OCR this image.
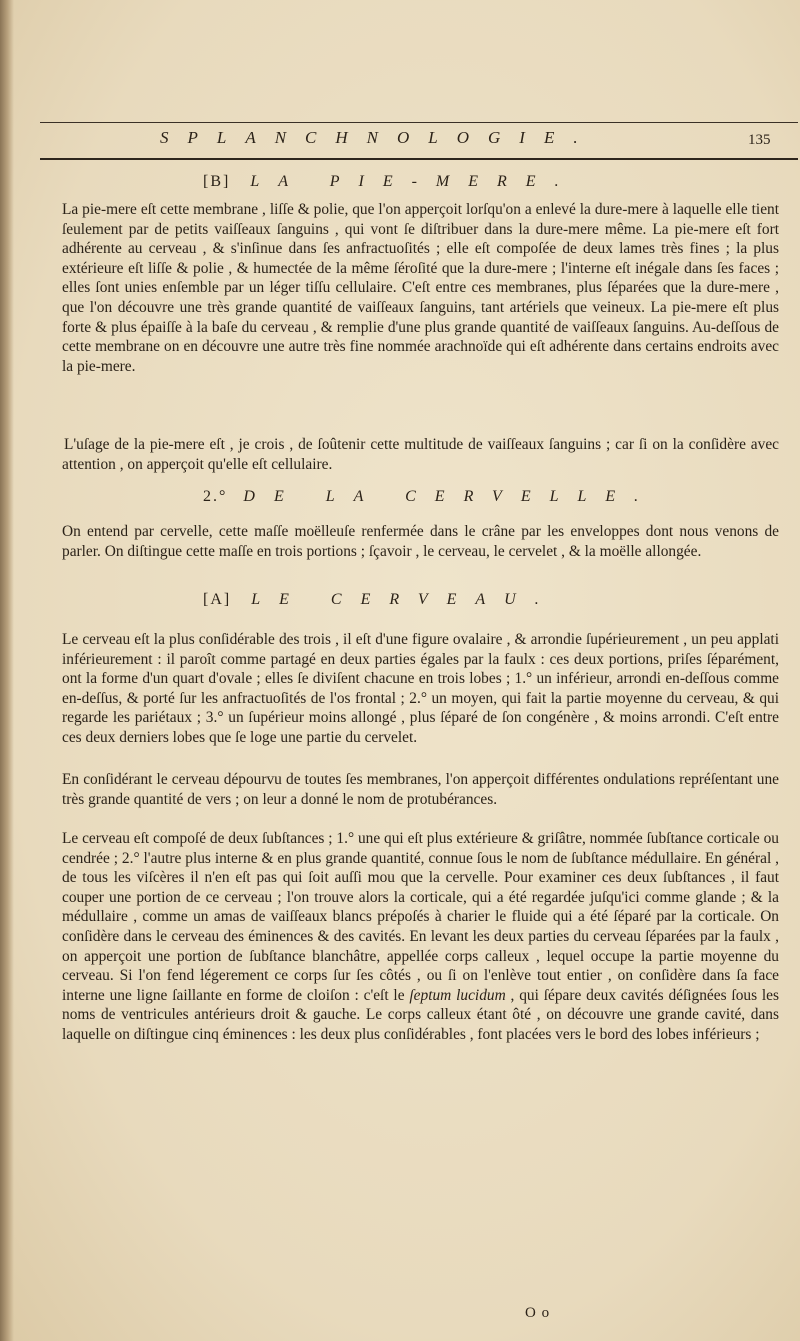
SPLANCHNOLOGIE.	135
[B] LA PIE-MERE.
La pie-mere eſt cette membrane , liſſe & polie, que l'on apperçoit lorſqu'on a enlevé la dure-mere à laquelle elle tient ſeulement par de petits vaiſſeaux ſanguins , qui vont ſe diſtribuer dans la dure-mere même. La pie-mere eſt fort adhérente au cerveau , & s'inſinue dans ſes anfractuoſités ; elle eſt compoſée de deux lames très fines ; la plus extérieure eſt liſſe & polie , & humectée de la même ſéroſité que la dure-mere ; l'interne eſt inégale dans ſes faces ; elles ſont unies enſemble par un léger tiſſu cellulaire. C'eſt entre ces membranes, plus ſéparées que la dure-mere , que l'on découvre une très grande quantité de vaiſſeaux ſanguins, tant artériels que veineux. La pie-mere eſt plus forte & plus épaiſſe à la baſe du cerveau , & remplie d'une plus grande quantité de vaiſſeaux ſanguins. Au-deſſous de cette membrane on en découvre une autre très fine nommée arachnoïde qui eſt adhérente dans certains endroits avec la pie-mere.
L'uſage de la pie-mere eſt , je crois , de ſoûtenir cette multitude de vaiſſeaux ſanguins ; car ſi on la conſidère avec attention , on apperçoit qu'elle eſt cellulaire.
2.° DE LA CERVELLE.
On entend par cervelle, cette maſſe moëlleuſe renfermée dans le crâne par les enveloppes dont nous venons de parler. On diſtingue cette maſſe en trois portions ; ſçavoir , le cerveau, le cervelet , & la moëlle allongée.
[A] LE CERVEAU.
Le cerveau eſt la plus conſidérable des trois , il eſt d'une figure ovalaire , & arrondie ſupérieurement , un peu applati inférieurement : il paroît comme partagé en deux parties égales par la faulx : ces deux portions, priſes ſéparément, ont la forme d'un quart d'ovale ; elles ſe diviſent chacune en trois lobes ; 1.° un inférieur, arrondi en-deſſous comme en-deſſus, & porté ſur les anfractuoſités de l'os frontal ; 2.° un moyen, qui fait la partie moyenne du cerveau, & qui regarde les pariétaux ; 3.° un ſupérieur moins allongé , plus ſéparé de ſon congénère , & moins arrondi. C'eſt entre ces deux derniers lobes que ſe loge une partie du cervelet.
En conſidérant le cerveau dépourvu de toutes ſes membranes, l'on apperçoit différentes ondulations repréſentant une très grande quantité de vers ; on leur a donné le nom de protubérances.
Le cerveau eſt compoſé de deux ſubſtances ; 1.° une qui eſt plus extérieure & griſâtre, nommée ſubſtance corticale ou cendrée ; 2.° l'autre plus interne & en plus grande quantité, connue ſous le nom de ſubſtance médullaire. En général , de tous les viſcères il n'en eſt pas qui ſoit auſſi mou que la cervelle. Pour examiner ces deux ſubſtances , il faut couper une portion de ce cerveau ; l'on trouve alors la corticale, qui a été regardée juſqu'ici comme glande ; & la médullaire , comme un amas de vaiſſeaux blancs prépoſés à charier le fluide qui a été ſéparé par la corticale. On conſidère dans le cerveau des éminences & des cavités. En levant les deux parties du cerveau ſéparées par la faulx , on apperçoit une portion de ſubſtance blanchâtre, appellée corps calleux , lequel occupe la partie moyenne du cerveau. Si l'on fend légerement ce corps ſur ſes côtés , ou ſi on l'enlève tout entier , on conſidère dans ſa face interne une ligne ſaillante en forme de cloiſon : c'eſt le ſeptum lucidum , qui ſépare deux cavités déſignées ſous les noms de ventricules antérieurs droit & gauche. Le corps calleux étant ôté , on découvre une grande cavité, dans laquelle on diſtingue cinq éminences : les deux plus conſidérables , font placées vers le bord des lobes inférieurs ;
O o
